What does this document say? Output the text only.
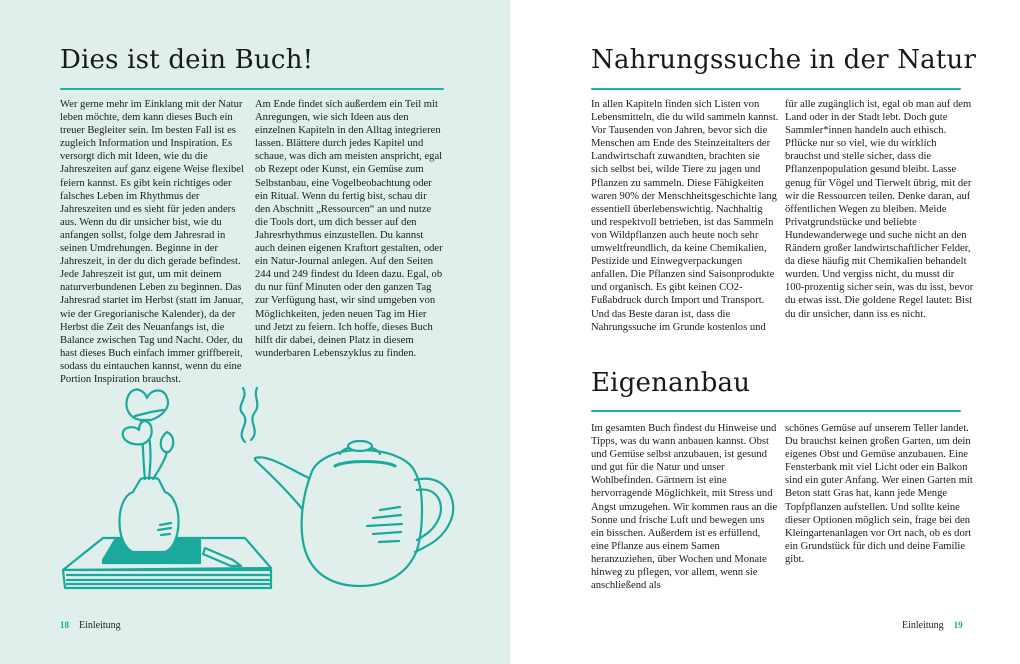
Dies ist dein Buch!

Wer gerne mehr im Einklang mit der Natur leben möchte, dem kann dieses Buch ein treuer Begleiter sein. Im besten Fall ist es zugleich Information und Inspiration. Es versorgt dich mit Ideen, wie du die Jahreszeiten auf ganz eigene Weise flexibel feiern kannst. Es gibt kein richtiges oder falsches Leben im Rhythmus der Jahreszeiten und es sieht für jeden anders aus. Wenn du dir unsicher bist, wie du anfangen sollst, folge dem Jahresrad in seinen Umdrehungen. Beginne in der Jahreszeit, in der du dich gerade befindest. Jede Jahreszeit ist gut, um mit deinem naturverbundenen Leben zu beginnen. Das Jahresrad startet im Herbst (statt im Januar, wie der Gregorianische Kalender), da der Herbst die Zeit des Neuanfangs ist, die Balance zwischen Tag und Nacht. Oder, du hast dieses Buch einfach immer griffbereit, sodass du eintauchen kannst, wenn du eine Portion Inspiration brauchst.

Am Ende findet sich außerdem ein Teil mit Anregungen, wie sich Ideen aus den einzelnen Kapiteln in den Alltag integrieren lassen. Blättere durch jedes Kapitel und schaue, was dich am meisten anspricht, egal ob Rezept oder Kunst, ein Gemüse zum Selbstanbau, eine Vogelbeobachtung oder ein Ritual. Wenn du fertig bist, schau dir den Abschnitt „Ressourcen“ an und nutze die Tools dort, um dich besser auf den Jahresrhythmus einzustellen. Du kannst auch deinen eigenen Kraftort gestalten, oder ein Natur-Journal anlegen. Auf den Seiten 244 und 249 findest du Ideen dazu. Egal, ob du nur fünf Minuten oder den ganzen Tag zur Verfügung hast, wir sind umgeben von Möglichkeiten, jeden neuen Tag im Hier und Jetzt zu feiern. Ich hoffe, dieses Buch hilft dir dabei, deinen Platz in diesem wunderbaren Lebenszyklus zu finden.

18 Einleitung
Nahrungssuche in der Natur

In allen Kapiteln finden sich Listen von Lebensmitteln, die du wild sammeln kannst. Vor Tausenden von Jahren, bevor sich die Menschen am Ende des Steinzeitalters der Landwirtschaft zuwandten, brachten sie sich selbst bei, wilde Tiere zu jagen und Pflanzen zu sammeln. Diese Fähigkeiten waren 90% der Menschheitsgeschichte lang essentiell überlebenswichtig. Nachhaltig und respektvoll betrieben, ist das Sammeln von Wildpflanzen auch heute noch sehr umweltfreundlich, da keine Chemikalien, Pestizide und Einwegverpackungen anfallen. Die Pflanzen sind Saisonprodukte und organisch. Es gibt keinen CO2-Fußabdruck durch Import und Transport. Und das Beste daran ist, dass die Nahrungssuche im Grunde kostenlos und

für alle zugänglich ist, egal ob man auf dem Land oder in der Stadt lebt. Doch gute Sammler*innen handeln auch ethisch. Pflücke nur so viel, wie du wirklich brauchst und stelle sicher, dass die Pflanzenpopulation gesund bleibt. Lasse genug für Vögel und Tierwelt übrig, mit der wir die Ressourcen teilen. Denke daran, auf öffentlichen Wegen zu bleiben. Meide Privatgrundstücke und beliebte Hundewanderwege und suche nicht an den Rändern großer landwirtschaftlicher Felder, da diese häufig mit Chemikalien behandelt wurden. Und vergiss nicht, du musst dir 100-prozentig sicher sein, was du isst, bevor du etwas isst. Die goldene Regel lautet: Bist du dir unsicher, dann iss es nicht.

Eigenanbau

Im gesamten Buch findest du Hinweise und Tipps, was du wann anbauen kannst. Obst und Gemüse selbst anzubauen, ist gesund und gut für die Natur und unser Wohlbefinden. Gärtnern ist eine hervorragende Möglichkeit, mit Stress und Angst umzugehen. Wir kommen raus an die Sonne und frische Luft und bewegen uns ein bisschen. Außerdem ist es erfüllend, eine Pflanze aus einem Samen heranzuziehen, über Wochen und Monate hinweg zu pflegen, vor allem, wenn sie anschließend als

schönes Gemüse auf unserem Teller landet. Du brauchst keinen großen Garten, um dein eigenes Obst und Gemüse anzubauen. Eine Fensterbank mit viel Licht oder ein Balkon sind ein guter Anfang. Wer einen Garten mit Beton statt Gras hat, kann jede Menge Topfpflanzen aufstellen. Und sollte keine dieser Optionen möglich sein, frage bei den Kleingartenanlagen vor Ort nach, ob es dort ein Grundstück für dich und deine Familie gibt.

Einleitung 19
